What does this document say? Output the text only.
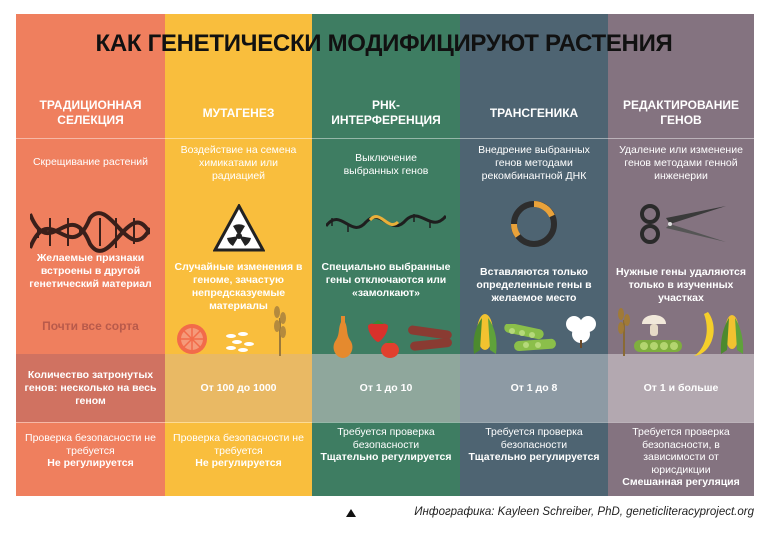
ТРАДИЦИОННАЯ СЕЛЕКЦИЯ
Скрещивание растений
Желаемые признаки встроены в другой генетический материал
Почти все сорта
Количество затронутых генов: несколько на весь геном
Проверка безопасности не требуется
Не регулируется
МУТАГЕНЕЗ
Воздействие на семена химикатами или радиацией
Случайные изменения в геноме, зачастую непредсказуемые материалы
От 100 до 1000
Проверка безопасности не требуется
Не регулируется
РНК-ИНТЕРФЕРЕНЦИЯ
Выключение выбранных генов
Специально выбранные гены отключаются или «замолкают»
От 1 до 10
Требуется проверка безопасности
Тщательно регулируется
ТРАНСГЕНИКА
Внедрение выбранных генов методами рекомбинантной ДНК
Вставляются только определенные гены в желаемое место
От 1 до 8
Требуется проверка безопасности
Тщательно регулируется
РЕДАКТИРОВАНИЕ ГЕНОВ
Удаление или изменение генов методами генной инженерии
Нужные гены удаляются только в изученных участках
От 1 и больше
Требуется проверка безопасности, в зависимости от юрисдикции
Смешанная регуляция
КАК ГЕНЕТИЧЕСКИ МОДИФИЦИРУЮТ РАСТЕНИЯ
Инфографика: Kayleen Schreiber, PhD, geneticliteracyproject.org
